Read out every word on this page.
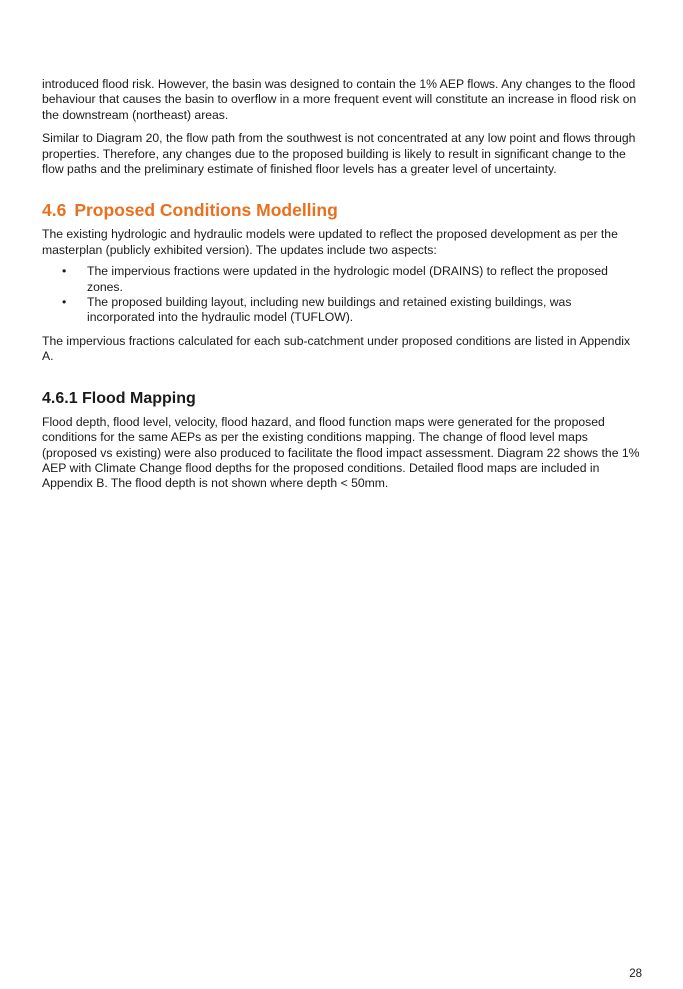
introduced flood risk. However, the basin was designed to contain the 1% AEP flows. Any changes to the flood behaviour that causes the basin to overflow in a more frequent event will constitute an increase in flood risk on the downstream (northeast) areas.

Similar to Diagram 20, the flow path from the southwest is not concentrated at any low point and flows through properties. Therefore, any changes due to the proposed building is likely to result in significant change to the flow paths and the preliminary estimate of finished floor levels has a greater level of uncertainty.

4.6 Proposed Conditions Modelling

The existing hydrologic and hydraulic models were updated to reflect the proposed development as per the masterplan (publicly exhibited version). The updates include two aspects:

• The impervious fractions were updated in the hydrologic model (DRAINS) to reflect the proposed zones.
• The proposed building layout, including new buildings and retained existing buildings, was incorporated into the hydraulic model (TUFLOW).

The impervious fractions calculated for each sub-catchment under proposed conditions are listed in Appendix A.

4.6.1 Flood Mapping

Flood depth, flood level, velocity, flood hazard, and flood function maps were generated for the proposed conditions for the same AEPs as per the existing conditions mapping. The change of flood level maps (proposed vs existing) were also produced to facilitate the flood impact assessment. Diagram 22 shows the 1% AEP with Climate Change flood depths for the proposed conditions. Detailed flood maps are included in Appendix B. The flood depth is not shown where depth < 50mm.

28
